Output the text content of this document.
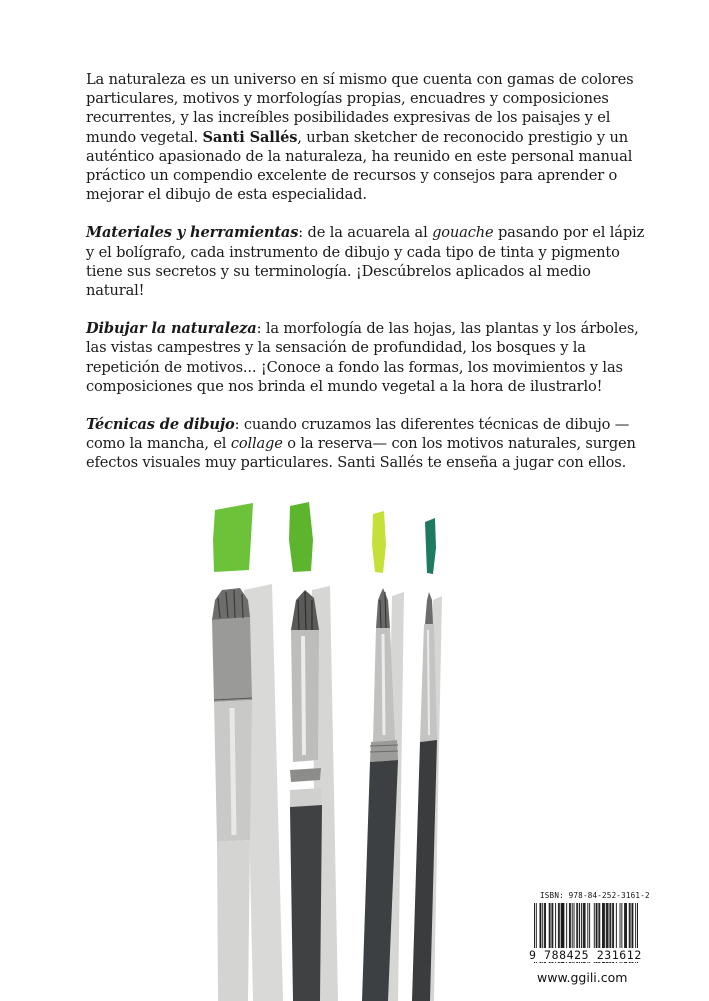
La naturaleza es un universo en sí mismo que cuenta con gamas de colores particulares, motivos y morfologías propias, encuadres y composiciones recurrentes, y las increíbles posibilidades expresivas de los paisajes y el mundo vegetal. Santi Sallés, urban sketcher de reconocido prestigio y un auténtico apasionado de la naturaleza, ha reunido en este personal manual práctico un compendio excelente de recursos y consejos para aprender o mejorar el dibujo de esta especialidad.

Materiales y herramientas: de la acuarela al gouache pasando por el lápiz y el bolígrafo, cada instrumento de dibujo y cada tipo de tinta y pigmento tiene sus secretos y su terminología. ¡Descúbrelos aplicados al medio natural!

Dibujar la naturaleza: la morfología de las hojas, las plantas y los árboles, las vistas campestres y la sensación de profundidad, los bosques y la repetición de motivos... ¡Conoce a fondo las formas, los movimientos y las composiciones que nos brinda el mundo vegetal a la hora de ilustrarlo!

Técnicas de dibujo: cuando cruzamos las diferentes técnicas de dibujo —como la mancha, el collage o la reserva— con los motivos naturales, surgen efectos visuales muy particulares. Santi Sallés te enseña a jugar con ellos.

ISBN: 978-84-252-3161-2
9 788425 231612
www.ggili.com
